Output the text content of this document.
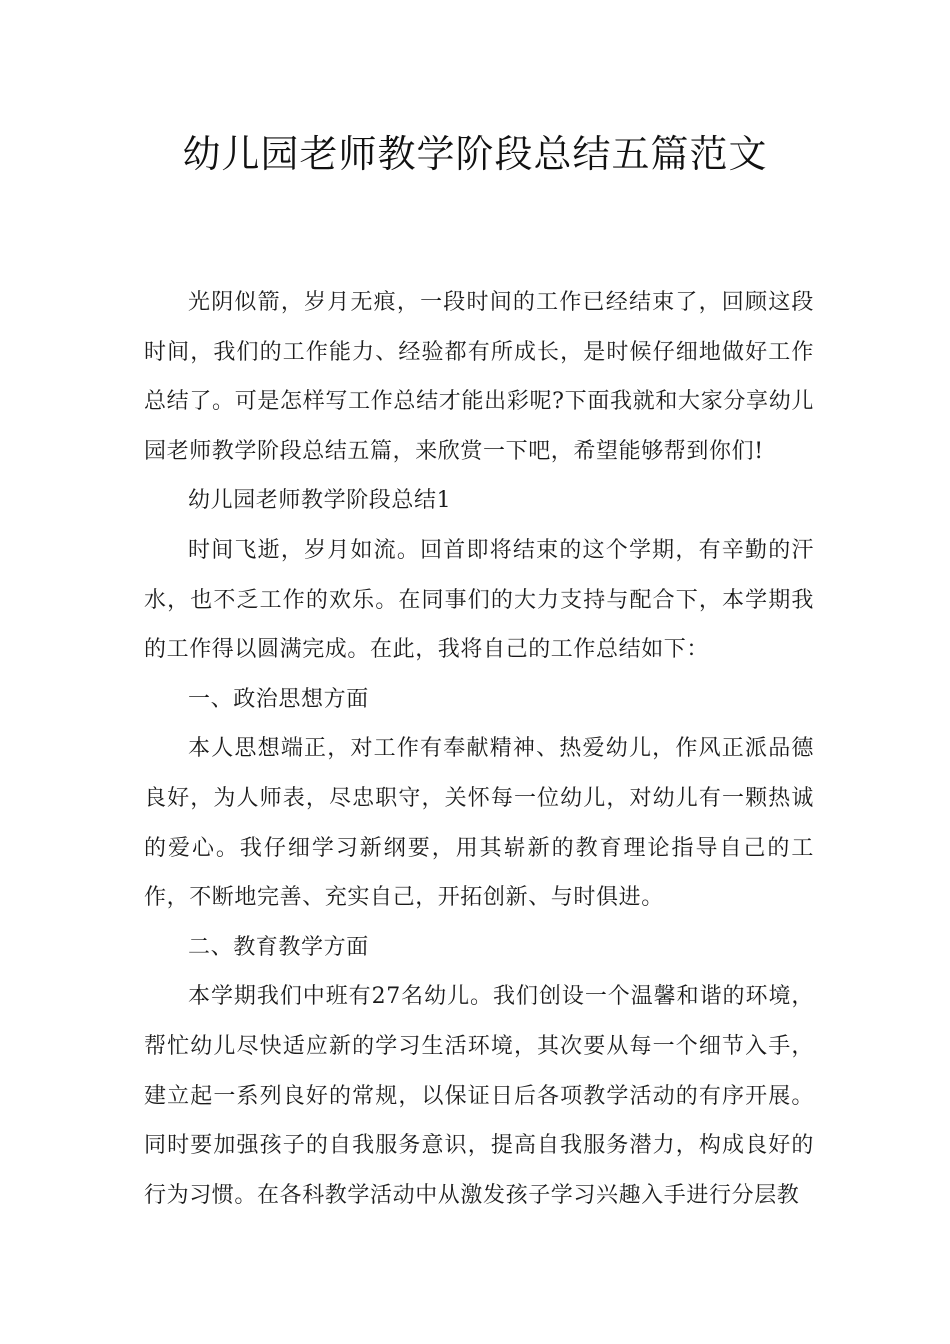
幼儿园老师教学阶段总结五篇范文

光阴似箭，岁月无痕，一段时间的工作已经结束了，回顾这段时间，我们的工作能力、经验都有所成长，是时候仔细地做好工作总结了。可是怎样写工作总结才能出彩呢?下面我就和大家分享幼儿园老师教学阶段总结五篇，来欣赏一下吧，希望能够帮到你们!

幼儿园老师教学阶段总结1

时间飞逝，岁月如流。回首即将结束的这个学期，有辛勤的汗水，也不乏工作的欢乐。在同事们的大力支持与配合下，本学期我的工作得以圆满完成。在此，我将自己的工作总结如下：

一、政治思想方面

本人思想端正，对工作有奉献精神、热爱幼儿，作风正派品德良好，为人师表，尽忠职守，关怀每一位幼儿，对幼儿有一颗热诚的爱心。我仔细学习新纲要，用其崭新的教育理论指导自己的工作，不断地完善、充实自己，开拓创新、与时俱进。

二、教育教学方面

本学期我们中班有27名幼儿。我们创设一个温馨和谐的环境，帮忙幼儿尽快适应新的学习生活环境，其次要从每一个细节入手，建立起一系列良好的常规，以保证日后各项教学活动的有序开展。同时要加强孩子的自我服务意识，提高自我服务潜力，构成良好的行为习惯。在各科教学活动中从激发孩子学习兴趣入手进行分层教
